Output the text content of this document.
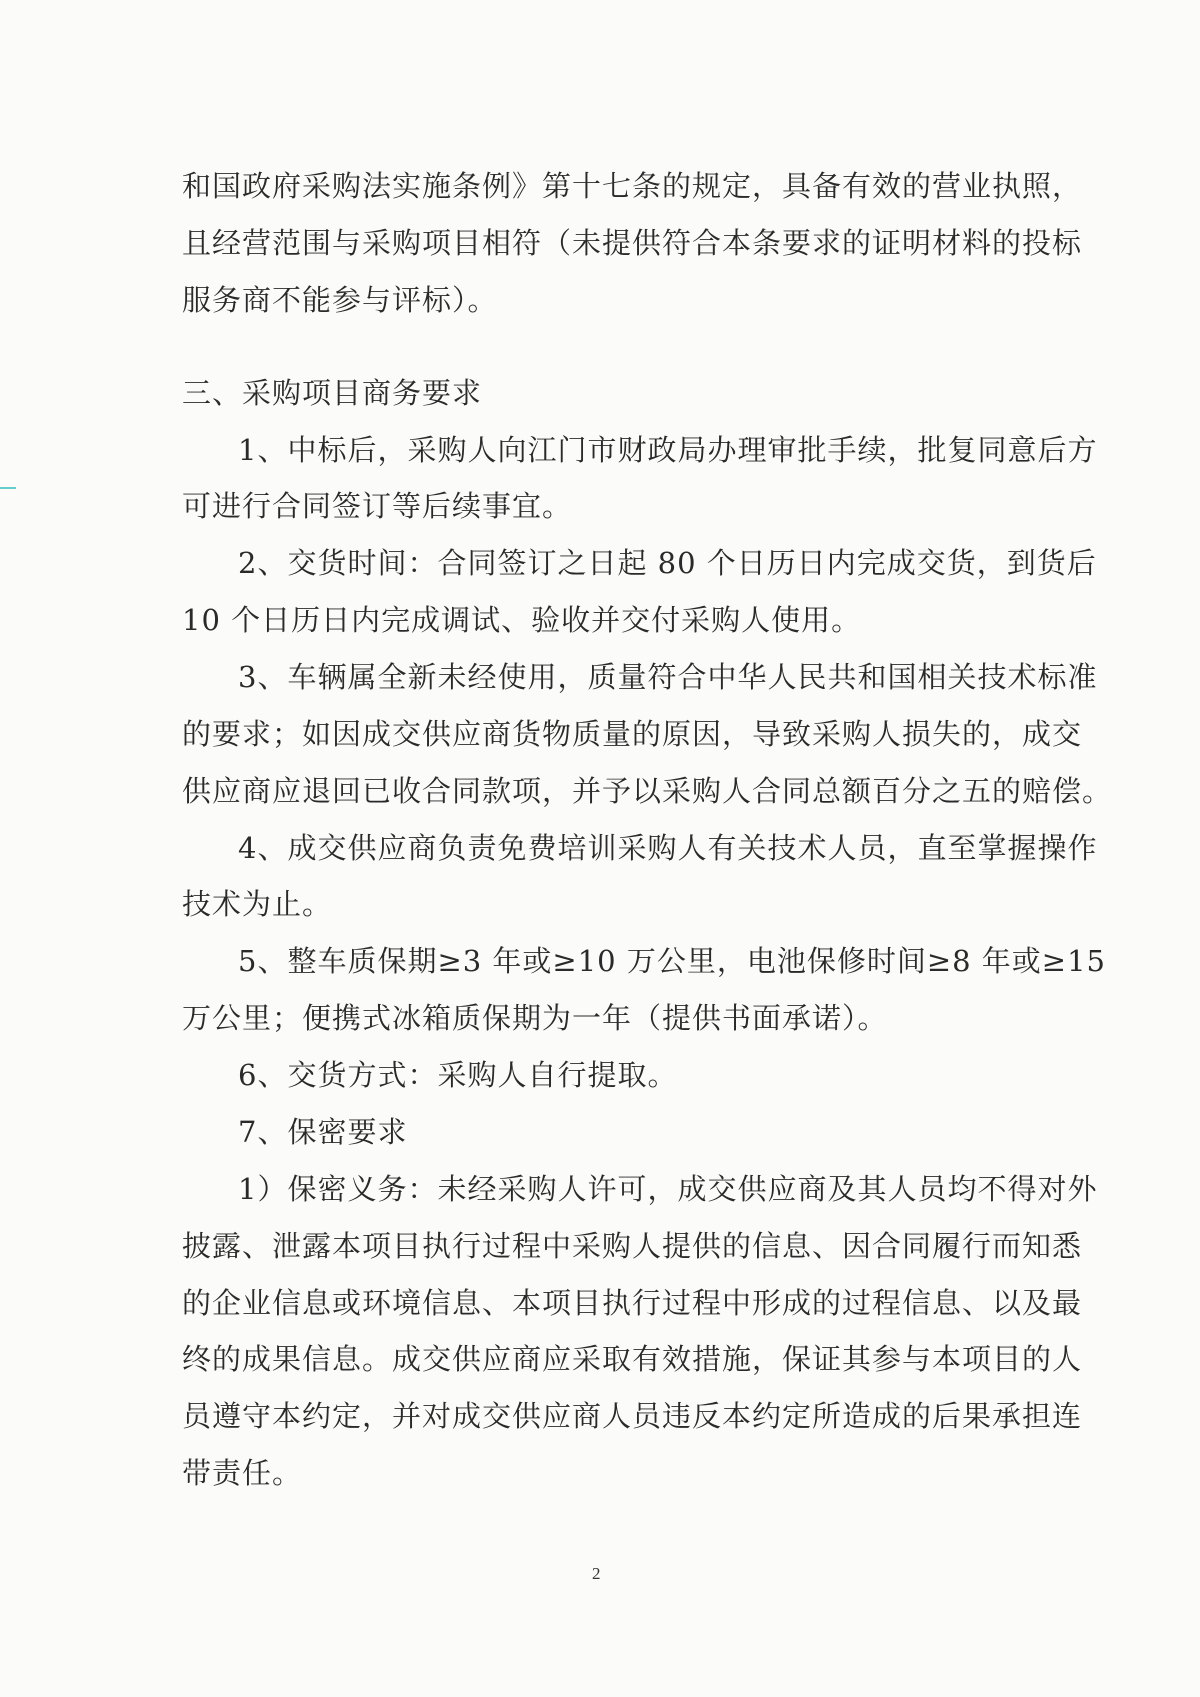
和国政府采购法实施条例》第十七条的规定，具备有效的营业执照，
且经营范围与采购项目相符（未提供符合本条要求的证明材料的投标
服务商不能参与评标）。
三、采购项目商务要求
1、中标后，采购人向江门市财政局办理审批手续，批复同意后方
可进行合同签订等后续事宜。
2、交货时间：合同签订之日起 80 个日历日内完成交货，到货后
10 个日历日内完成调试、验收并交付采购人使用。
3、车辆属全新未经使用，质量符合中华人民共和国相关技术标准
的要求；如因成交供应商货物质量的原因，导致采购人损失的，成交
供应商应退回已收合同款项，并予以采购人合同总额百分之五的赔偿。
4、成交供应商负责免费培训采购人有关技术人员，直至掌握操作
技术为止。
5、整车质保期≥3 年或≥10 万公里，电池保修时间≥8 年或≥15
万公里；便携式冰箱质保期为一年（提供书面承诺）。
6、交货方式：采购人自行提取。
7、保密要求
1）保密义务：未经采购人许可，成交供应商及其人员均不得对外
披露、泄露本项目执行过程中采购人提供的信息、因合同履行而知悉
的企业信息或环境信息、本项目执行过程中形成的过程信息、以及最
终的成果信息。成交供应商应采取有效措施，保证其参与本项目的人
员遵守本约定，并对成交供应商人员违反本约定所造成的后果承担连
带责任。
2
